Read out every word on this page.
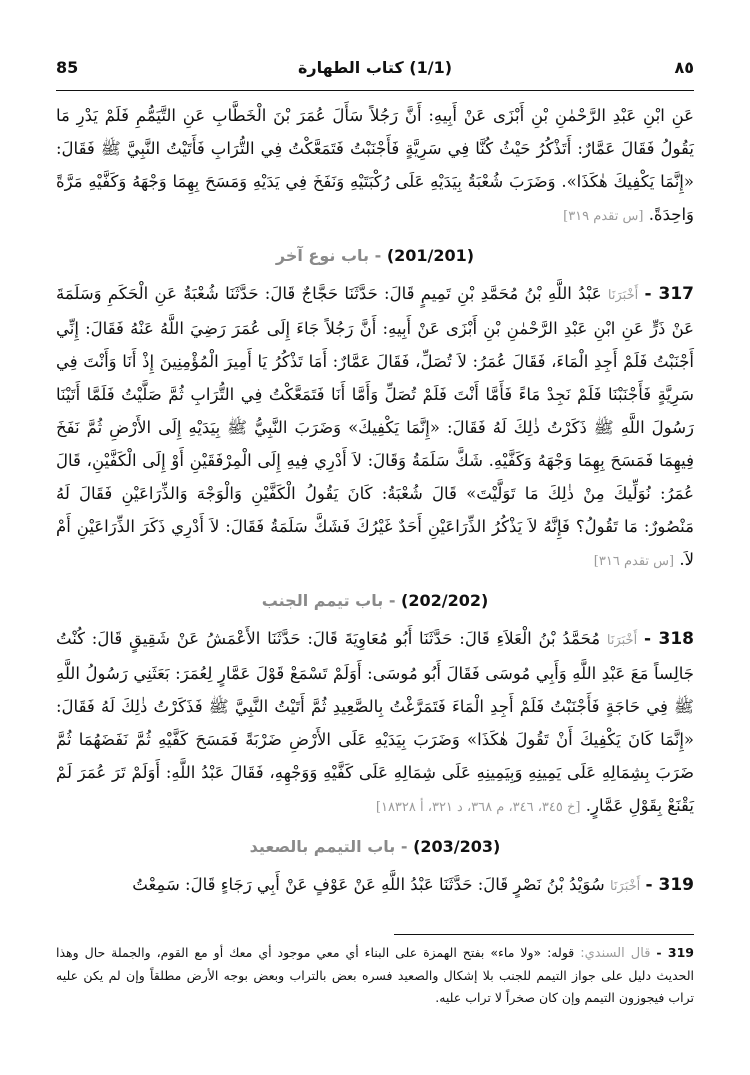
٨٥
(1/1) كتاب الطهارة
85

عَنِ ابْنِ عَبْدِ الرَّحْمٰنِ بْنِ أَبْزَى عَنْ أَبِيهِ: أَنَّ رَجُلاً سَأَلَ عُمَرَ بْنَ الْخَطَّابِ عَنِ التَّيَمُّمِ فَلَمْ يَدْرِ مَا يَقُولُ فَقَالَ عَمَّارٌ: أَتَذْكُرُ حَيْثُ كُنَّا فِي سَرِيَّةٍ فَأَجْنَبْتُ فَتَمَعَّكْتُ فِي التُّرَابِ فَأَتَيْتُ النَّبِيَّ ﷺ فَقَالَ: «إِنَّمَا يَكْفِيكَ هٰكَذَا». وَضَرَبَ شُعْبَةُ بِيَدَيْهِ عَلَى رُكْبَتَيْهِ وَنَفَخَ فِي يَدَيْهِ وَمَسَحَ بِهِمَا وَجْهَهُ وَكَفَّيْهِ مَرَّةً وَاحِدَةً. [س تقدم ٣١٩]

(201/201) - باب نوع آخر

317 - أَخْبَرَنَا عَبْدُ اللَّهِ بْنُ مُحَمَّدِ بْنِ تَمِيمٍ قَالَ: حَدَّثَنَا حَجَّاجٌ قَالَ: حَدَّثَنَا شُعْبَةُ عَنِ الْحَكَمِ وَسَلَمَةَ عَنْ ذَرٍّ عَنِ ابْنِ عَبْدِ الرَّحْمٰنِ بْنِ أَبْزَى عَنْ أَبِيهِ: أَنَّ رَجُلاً جَاءَ إِلَى عُمَرَ رَضِيَ اللَّهُ عَنْهُ فَقَالَ: إِنِّي أَجْنَبْتُ فَلَمْ أَجِدِ الْمَاءَ، فَقَالَ عُمَرُ: لاَ تُصَلِّ، فَقَالَ عَمَّارٌ: أَمَا تَذْكُرُ يَا أَمِيرَ الْمُؤْمِنِينَ إِذْ أَنَا وَأَنْتَ فِي سَرِيَّةٍ فَأَجْنَبْنَا فَلَمْ نَجِدْ مَاءً فَأَمَّا أَنْتَ فَلَمْ تُصَلِّ وَأَمَّا أَنَا فَتَمَعَّكْتُ فِي التُّرَابِ ثُمَّ صَلَّيْتُ فَلَمَّا أَتَيْنَا رَسُولَ اللَّهِ ﷺ ذَكَرْتُ ذٰلِكَ لَهُ فَقَالَ: «إِنَّمَا يَكْفِيكَ» وَضَرَبَ النَّبِيُّ ﷺ بِيَدَيْهِ إِلَى الأَرْضِ ثُمَّ نَفَخَ فِيهِمَا فَمَسَحَ بِهِمَا وَجْهَهُ وَكَفَّيْهِ. شَكَّ سَلَمَةُ وَقَالَ: لاَ أَدْرِي فِيهِ إِلَى الْمِرْفَقَيْنِ أَوْ إِلَى الْكَفَّيْنِ، قَالَ عُمَرُ: نُوَلِّيكَ مِنْ ذٰلِكَ مَا تَوَلَّيْتَ» قَالَ شُعْبَةُ: كَانَ يَقُولُ الْكَفَّيْنِ وَالْوَجْهَ وَالذِّرَاعَيْنِ فَقَالَ لَهُ مَنْصُورٌ: مَا تَقُولُ؟ فَإِنَّهُ لاَ يَذْكُرُ الذِّرَاعَيْنِ أَحَدٌ غَيْرُكَ فَشَكَّ سَلَمَةُ فَقَالَ: لاَ أَدْرِي ذَكَرَ الذِّرَاعَيْنِ أَمْ لاَ. [س تقدم ٣١٦]

(202/202) - باب تيمم الجنب

318 - أَخْبَرَنَا مُحَمَّدُ بْنُ الْعَلاَءِ قَالَ: حَدَّثَنَا أَبُو مُعَاوِيَةَ قَالَ: حَدَّثَنَا الأَعْمَشُ عَنْ شَقِيقٍ قَالَ: كُنْتُ جَالِساً مَعَ عَبْدِ اللَّهِ وَأَبِي مُوسَى فَقَالَ أَبُو مُوسَى: أَوَلَمْ تَسْمَعْ قَوْلَ عَمَّارٍ لِعُمَرَ: بَعَثَنِي رَسُولُ اللَّهِ ﷺ فِي حَاجَةٍ فَأَجْنَبْتُ فَلَمْ أَجِدِ الْمَاءَ فَتَمَرَّغْتُ بِالصَّعِيدِ ثُمَّ أَتَيْتُ النَّبِيَّ ﷺ فَذَكَرْتُ ذٰلِكَ لَهُ فَقَالَ: «إِنَّمَا كَانَ يَكْفِيكَ أَنْ تَقُولَ هٰكَذَا» وَضَرَبَ بِيَدَيْهِ عَلَى الأَرْضِ ضَرْبَةً فَمَسَحَ كَفَّيْهِ ثُمَّ نَفَضَهُمَا ثُمَّ ضَرَبَ بِشِمَالِهِ عَلَى يَمِينِهِ وَبِيَمِينِهِ عَلَى شِمَالِهِ عَلَى كَفَّيْهِ وَوَجْهِهِ، فَقَالَ عَبْدُ اللَّهِ: أَوَلَمْ تَرَ عُمَرَ لَمْ يَقْنَعْ بِقَوْلِ عَمَّارٍ. [خ ٣٤٥، ٣٤٦، م ٣٦٨، د ٣٢١، أ ١٨٣٢٨]

(203/203) - باب التيمم بالصعيد

319 - أَخْبَرَنَا سُوَيْدُ بْنُ نَصْرٍ قَالَ: حَدَّثَنَا عَبْدُ اللَّهِ عَنْ عَوْفٍ عَنْ أَبِي رَجَاءٍ قَالَ: سَمِعْتُ

319 - قال السندي: قوله: «ولا ماء» بفتح الهمزة على البناء أي معي موجود أي معك أو مع القوم، والجملة حال وهذا الحديث دليل على جواز التيمم للجنب بلا إشكال والصعيد فسره بعض بالتراب وبعض بوجه الأرض مطلقاً وإن لم يكن عليه تراب فيجوزون التيمم وإن كان صخراً لا تراب عليه.
